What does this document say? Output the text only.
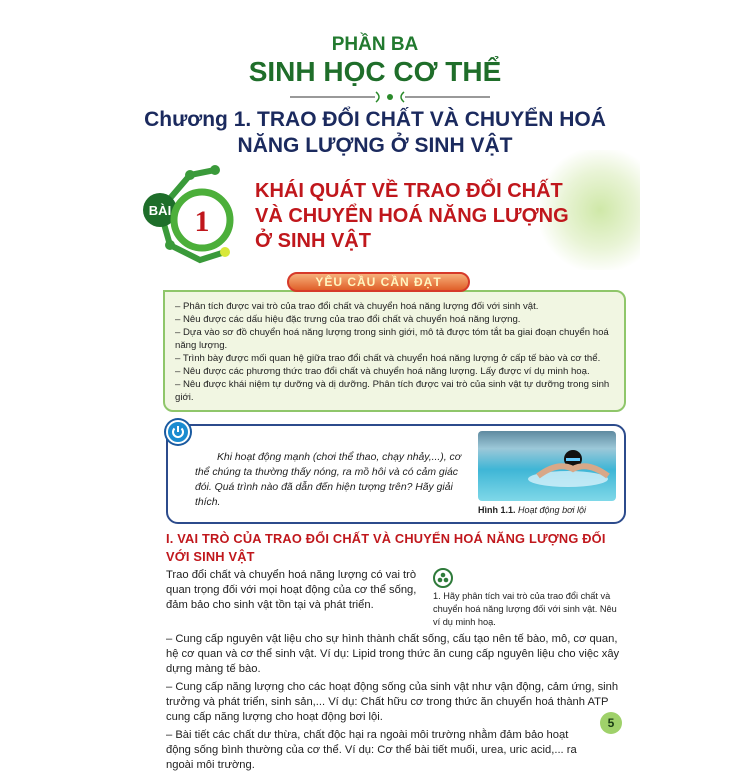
PHẦN BA
SINH HỌC CƠ THỂ
Chương 1. TRAO ĐỔI CHẤT VÀ CHUYỂN HOÁ
NĂNG LƯỢNG Ở SINH VẬT
BÀI 1
KHÁI QUÁT VỀ TRAO ĐỔI CHẤT
VÀ CHUYỂN HOÁ NĂNG LƯỢNG
Ở SINH VẬT
YÊU CẦU CẦN ĐẠT
– Phân tích được vai trò của trao đổi chất và chuyển hoá năng lượng đối với sinh vật.
– Nêu được các dấu hiệu đặc trưng của trao đổi chất và chuyển hoá năng lượng.
– Dựa vào sơ đồ chuyển hoá năng lượng trong sinh giới, mô tả được tóm tắt ba giai đoạn chuyển hoá năng lượng.
– Trình bày được mối quan hệ giữa trao đổi chất và chuyển hoá năng lượng ở cấp tế bào và cơ thể.
– Nêu được các phương thức trao đổi chất và chuyển hoá năng lượng. Lấy được ví dụ minh hoạ.
– Nêu được khái niệm tự dưỡng và dị dưỡng. Phân tích được vai trò của sinh vật tự dưỡng trong sinh giới.
Khi hoạt động mạnh (chơi thể thao, chạy nhảy,...), cơ thể chúng ta thường thấy nóng, ra mồ hôi và có cảm giác đói. Quá trình nào đã dẫn đến hiện tượng trên? Hãy giải thích.
Hình 1.1. Hoạt động bơi lội
I. VAI TRÒ CỦA TRAO ĐỔI CHẤT VÀ CHUYỂN HOÁ NĂNG LƯỢNG ĐỐI VỚI SINH VẬT
Trao đổi chất và chuyển hoá năng lượng có vai trò quan trọng đối với mọi hoạt động của cơ thể sống, đảm bảo cho sinh vật tồn tại và phát triển.
1. Hãy phân tích vai trò của trao đổi chất và chuyển hoá năng lượng đối với sinh vật. Nêu ví dụ minh hoạ.
– Cung cấp nguyên vật liệu cho sự hình thành chất sống, cấu tạo nên tế bào, mô, cơ quan, hệ cơ quan và cơ thể sinh vật. Ví dụ: Lipid trong thức ăn cung cấp nguyên liệu cho việc xây dựng màng tế bào.
– Cung cấp năng lượng cho các hoạt động sống của sinh vật như vận động, cảm ứng, sinh trưởng và phát triển, sinh sản,... Ví dụ: Chất hữu cơ trong thức ăn chuyển hoá thành ATP cung cấp năng lượng cho hoạt động bơi lội.
– Bài tiết các chất dư thừa, chất độc hại ra ngoài môi trường nhằm đảm bảo hoạt động sống bình thường của cơ thể. Ví dụ: Cơ thể bài tiết muối, urea, uric acid,... ra ngoài môi trường.
5
